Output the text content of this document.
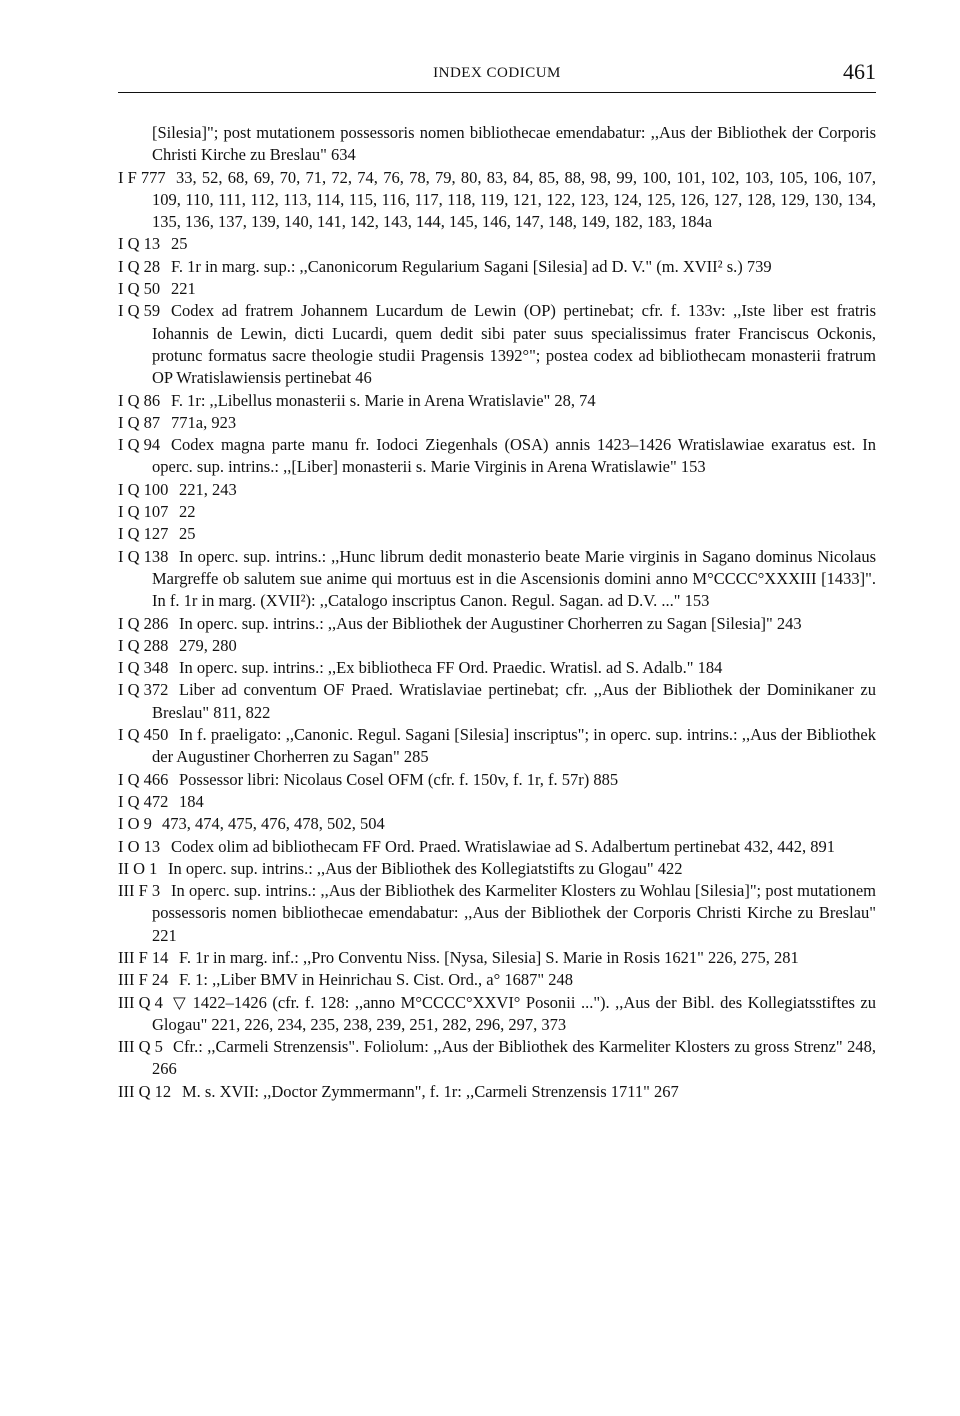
INDEX CODICUM	461
[Silesia]"; post mutationem possessoris nomen bibliothecae emendabatur: ,,Aus der Bibliothek der Corporis Christi Kirche zu Breslau" 634
I F 777 33, 52, 68, 69, 70, 71, 72, 74, 76, 78, 79, 80, 83, 84, 85, 88, 98, 99, 100, 101, 102, 103, 105, 106, 107, 109, 110, 111, 112, 113, 114, 115, 116, 117, 118, 119, 121, 122, 123, 124, 125, 126, 127, 128, 129, 130, 134, 135, 136, 137, 139, 140, 141, 142, 143, 144, 145, 146, 147, 148, 149, 182, 183, 184a
I Q 13 25
I Q 28 F. 1r in marg. sup.: ,,Canonicorum Regularium Sagani [Silesia] ad D. V." (m. XVII² s.) 739
I Q 50 221
I Q 59 Codex ad fratrem Johannem Lucardum de Lewin (OP) pertinebat; cfr. f. 133v: ,,Iste liber est fratris Iohannis de Lewin, dicti Lucardi, quem dedit sibi pater suus specialissimus frater Franciscus Ockonis, protunc formatus sacre theologie studii Pragensis 1392°"; postea codex ad bibliothecam monasterii fratrum OP Wratislawiensis pertinebat 46
I Q 86 F. 1r: ,,Libellus monasterii s. Marie in Arena Wratislavie" 28, 74
I Q 87 771a, 923
I Q 94 Codex magna parte manu fr. Iodoci Ziegenhals (OSA) annis 1423–1426 Wratislawiae exaratus est. In operc. sup. intrins.: ,,[Liber] monasterii s. Marie Virginis in Arena Wratislawie" 153
I Q 100 221, 243
I Q 107 22
I Q 127 25
I Q 138 In operc. sup. intrins.: ,,Hunc librum dedit monasterio beate Marie virginis in Sagano dominus Nicolaus Margreffe ob salutem sue anime qui mortuus est in die Ascensionis domini anno M°CCCC°XXXIII [1433]". In f. 1r in marg. (XVII²): ,,Catalogo inscriptus Canon. Regul. Sagan. ad D.V. ..." 153
I Q 286 In operc. sup. intrins.: ,,Aus der Bibliothek der Augustiner Chorherren zu Sagan [Silesia]" 243
I Q 288 279, 280
I Q 348 In operc. sup. intrins.: ,,Ex bibliotheca FF Ord. Praedic. Wratisl. ad S. Adalb." 184
I Q 372 Liber ad conventum OF Praed. Wratislaviae pertinebat; cfr. ,,Aus der Bibliothek der Dominikaner zu Breslau" 811, 822
I Q 450 In f. praeligato: ,,Canonic. Regul. Sagani [Silesia] inscriptus"; in operc. sup. intrins.: ,,Aus der Bibliothek der Augustiner Chorherren zu Sagan" 285
I Q 466 Possessor libri: Nicolaus Cosel OFM (cfr. f. 150v, f. 1r, f. 57r) 885
I Q 472 184
I O 9 473, 474, 475, 476, 478, 502, 504
I O 13 Codex olim ad bibliothecam FF Ord. Praed. Wratislawiae ad S. Adalbertum pertinebat 432, 442, 891
II O 1 In operc. sup. intrins.: ,,Aus der Bibliothek des Kollegiatstifts zu Glogau" 422
III F 3 In operc. sup. intrins.: ,,Aus der Bibliothek des Karmeliter Klosters zu Wohlau [Silesia]"; post mutationem possessoris nomen bibliothecae emendabatur: ,,Aus der Bibliothek der Corporis Christi Kirche zu Breslau" 221
III F 14 F. 1r in marg. inf.: ,,Pro Conventu Niss. [Nysa, Silesia] S. Marie in Rosis 1621" 226, 275, 281
III F 24 F. 1: ,,Liber BMV in Heinrichau S. Cist. Ord., a° 1687" 248
III Q 4 ▽ 1422–1426 (cfr. f. 128: ,,anno M°CCCC°XXVI° Posonii ..."). ,,Aus der Bibl. des Kollegiatsstiftes zu Glogau" 221, 226, 234, 235, 238, 239, 251, 282, 296, 297, 373
III Q 5 Cfr.: ,,Carmeli Strenzensis". Foliolum: ,,Aus der Bibliothek des Karmeliter Klosters zu gross Strenz" 248, 266
III Q 12 M. s. XVII: ,,Doctor Zymmermann", f. 1r: ,,Carmeli Strenzensis 1711" 267
